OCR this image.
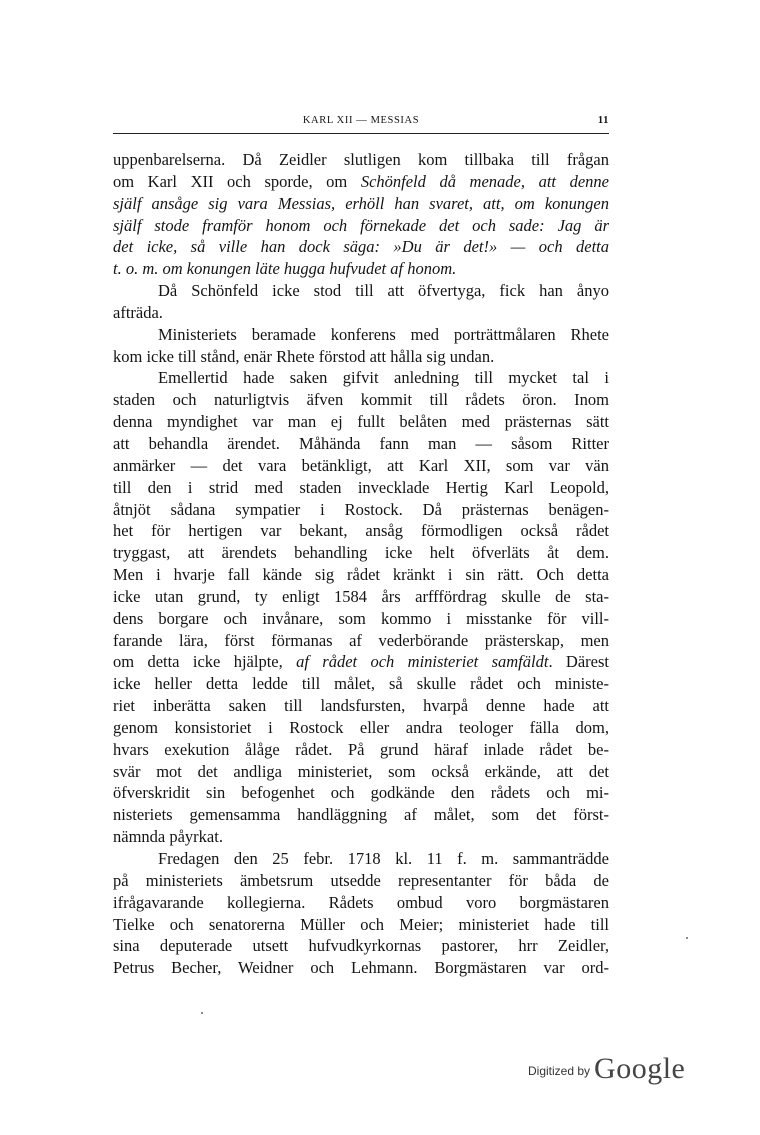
KARL XII — MESSIAS	11
uppenbarelserna. Då Zeidler slutligen kom tillbaka till frågan
om Karl XII och sporde, om Schönfeld då menade, att denne
själf ansåge sig vara Messias, erhöll han svaret, att, om konungen
själf stode framför honom och förnekade det och sade: Jag är
det icke, så ville han dock säga: »Du är det!» — och detta
t. o. m. om konungen läte hugga hufvudet af honom.
Då Schönfeld icke stod till att öfvertyga, fick han ånyo
afträda.
Ministeriets beramade konferens med porträttmålaren Rhete
kom icke till stånd, enär Rhete förstod att hålla sig undan.
Emellertid hade saken gifvit anledning till mycket tal i
staden och naturligtvis äfven kommit till rådets öron. Inom
denna myndighet var man ej fullt belåten med prästernas sätt
att behandla ärendet. Måhända fann man — såsom Ritter
anmärker — det vara betänkligt, att Karl XII, som var vän
till den i strid med staden invecklade Hertig Karl Leopold,
åtnjöt sådana sympatier i Rostock. Då prästernas benägen-
het för hertigen var bekant, ansåg förmodligen också rådet
tryggast, att ärendets behandling icke helt öfverläts åt dem.
Men i hvarje fall kände sig rådet kränkt i sin rätt. Och detta
icke utan grund, ty enligt 1584 års arfffördrag skulle de sta-
dens borgare och invånare, som kommo i misstanke för vill-
farande lära, först förmanas af vederbörande prästerskap, men
om detta icke hjälpte, af rådet och ministeriet samfäldt. Därest
icke heller detta ledde till målet, så skulle rådet och ministe-
riet inberätta saken till landsfursten, hvarpå denne hade att
genom konsistoriet i Rostock eller andra teologer fälla dom,
hvars exekution ålåge rådet. På grund häraf inlade rådet be-
svär mot det andliga ministeriet, som också erkände, att det
öfverskridit sin befogenhet och godkände den rådets och mi-
nisteriets gemensamma handläggning af målet, som det först-
nämnda påyrkat.
Fredagen den 25 febr. 1718 kl. 11 f. m. sammanträdde
på ministeriets ämbetsrum utsedde representanter för båda de
ifrågavarande kollegierna. Rådets ombud voro borgmästaren
Tielke och senatorerna Müller och Meier; ministeriet hade till
sina deputerade utsett hufvudkyrkornas pastorer, hrr Zeidler,
Petrus Becher, Weidner och Lehmann. Borgmästaren var ord-
Digitized by Google
